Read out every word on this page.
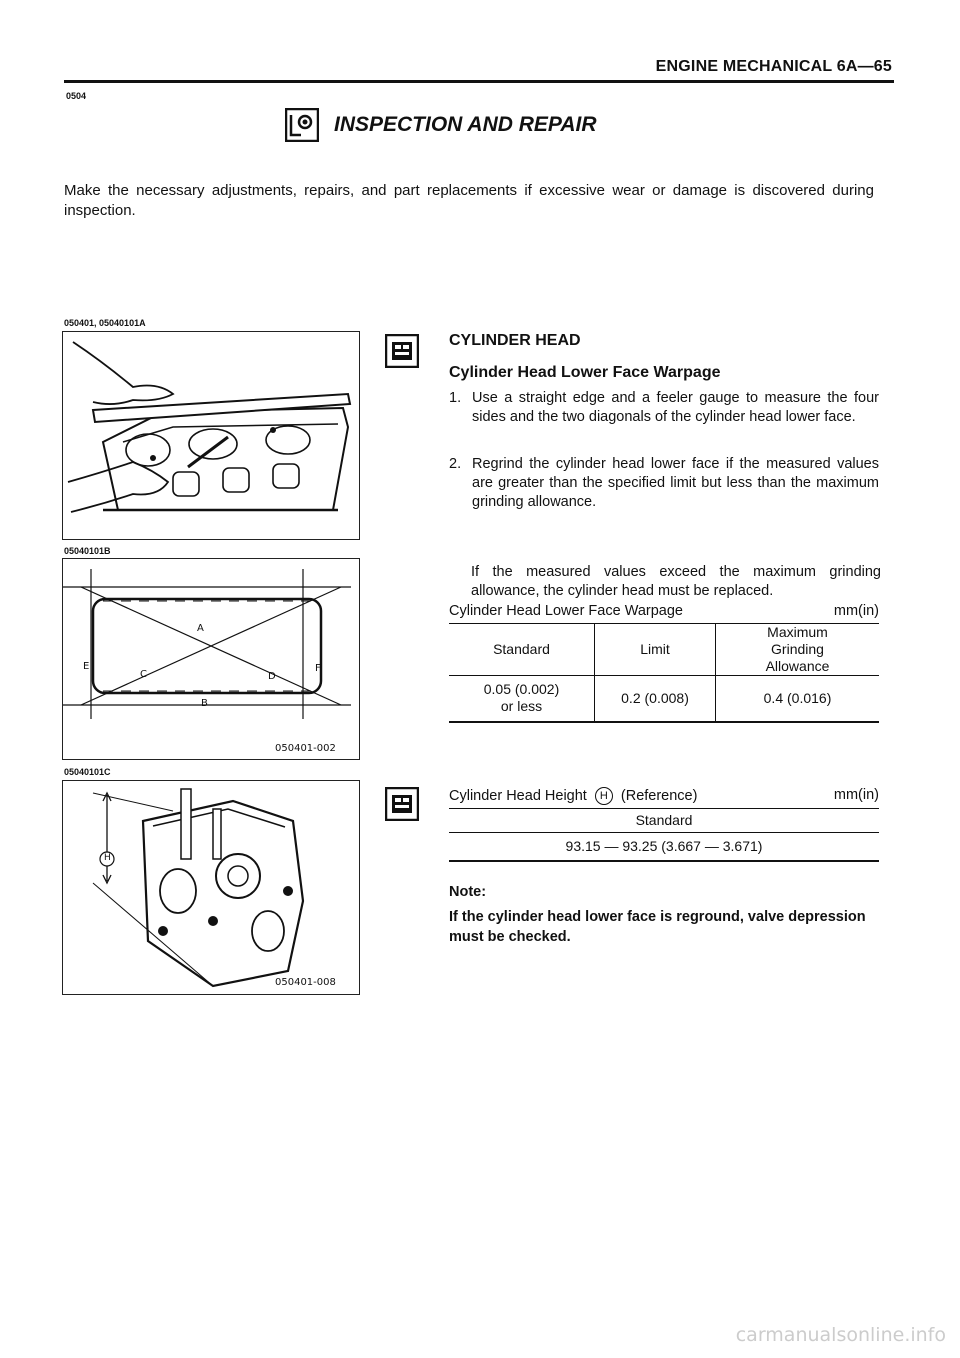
ENGINE MECHANICAL 6A—65
0504
INSPECTION AND REPAIR
Make the necessary adjustments, repairs, and part replacements if excessive wear or damage is discovered during inspection.
050401, 05040101A
05040101B
A
B
C	D
E	F
050401-002
05040101C
H
050401-008
CYLINDER HEAD
Cylinder Head Lower Face Warpage
1. Use a straight edge and a feeler gauge to measure the four sides and the two diagonals of the cylinder head lower face.
2. Regrind the cylinder head lower face if the measured values are greater than the specified limit but less than the maximum grinding allowance.
If the measured values exceed the maximum grinding allowance, the cylinder head must be replaced.
Cylinder Head Lower Face Warpage	mm(in)
Standard	Limit	Maximum Grinding Allowance
0.05 (0.002) or less	0.2 (0.008)	0.4 (0.016)
Cylinder Head Height H (Reference)	mm(in)
Standard
93.15 — 93.25 (3.667 — 3.671)
Note:
If the cylinder head lower face is reground, valve depression must be checked.
carmanualsonline.info
